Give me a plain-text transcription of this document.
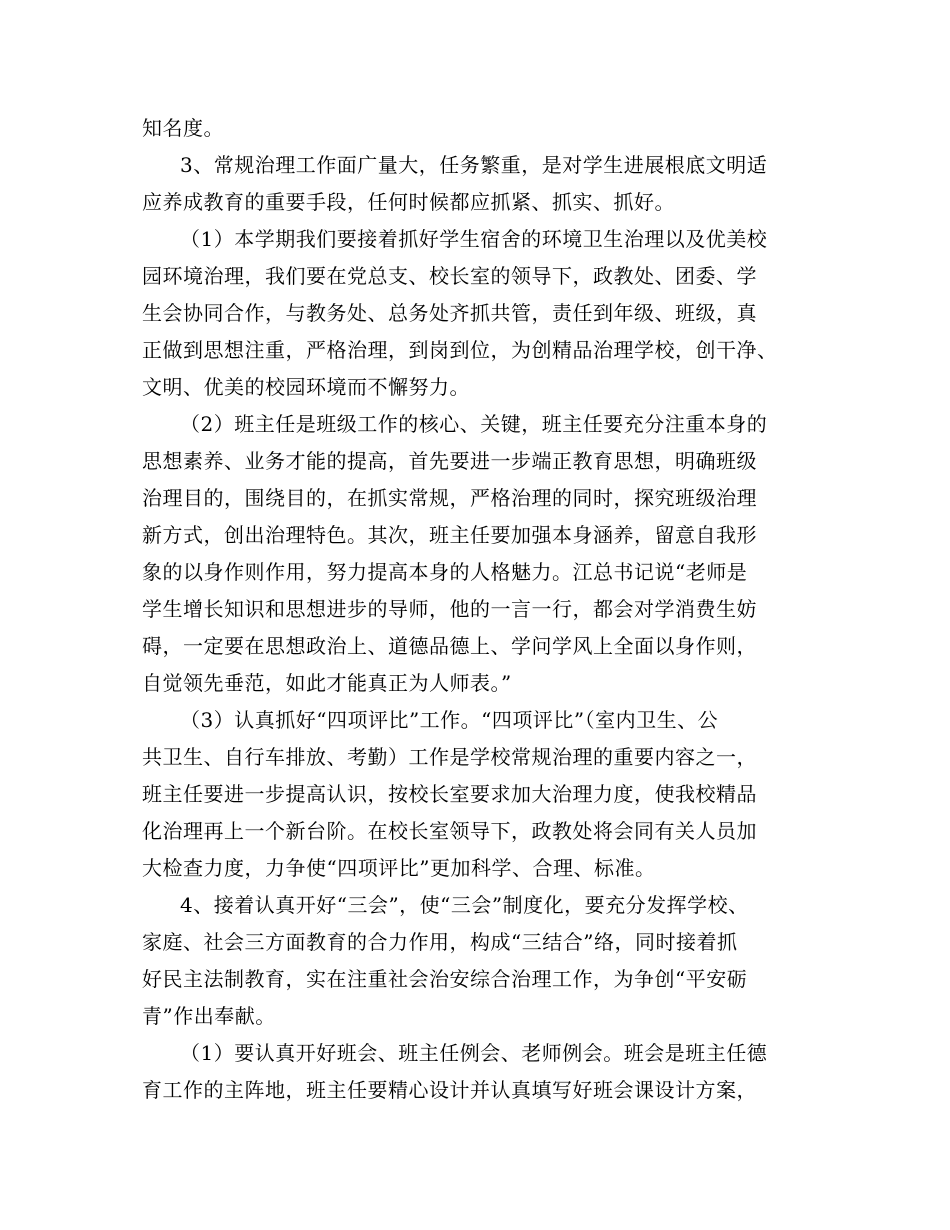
知名度。

3、常规治理工作面广量大，任务繁重，是对学生进展根底文明适

应养成教育的重要手段，任何时候都应抓紧、抓实、抓好。

（1）本学期我们要接着抓好学生宿舍的环境卫生治理以及优美校

园环境治理，我们要在党总支、校长室的领导下，政教处、团委、学

生会协同合作，与教务处、总务处齐抓共管，责任到年级、班级，真

正做到思想注重，严格治理，到岗到位，为创精品治理学校，创干净、

文明、优美的校园环境而不懈努力。

（2）班主任是班级工作的核心、关键，班主任要充分注重本身的

思想素养、业务才能的提高，首先要进一步端正教育思想，明确班级

治理目的，围绕目的，在抓实常规，严格治理的同时，探究班级治理

新方式，创出治理特色。其次，班主任要加强本身涵养，留意自我形

象的以身作则作用，努力提高本身的人格魅力。江总书记说“老师是

学生增长知识和思想进步的导师，他的一言一行，都会对学消费生妨

碍，一定要在思想政治上、道德品德上、学问学风上全面以身作则，

自觉领先垂范，如此才能真正为人师表。”

（3）认真抓好“四项评比”工作。“四项评比”（室内卫生、公

共卫生、自行车排放、考勤）工作是学校常规治理的重要内容之一，

班主任要进一步提高认识，按校长室要求加大治理力度，使我校精品

化治理再上一个新台阶。在校长室领导下，政教处将会同有关人员加

大检查力度，力争使“四项评比”更加科学、合理、标准。

4、接着认真开好“三会”，使“三会”制度化，要充分发挥学校、

家庭、社会三方面教育的合力作用，构成“三结合”络，同时接着抓

好民主法制教育，实在注重社会治安综合治理工作，为争创“平安砺

青”作出奉献。

（1）要认真开好班会、班主任例会、老师例会。班会是班主任德

育工作的主阵地，班主任要精心设计并认真填写好班会课设计方案，
